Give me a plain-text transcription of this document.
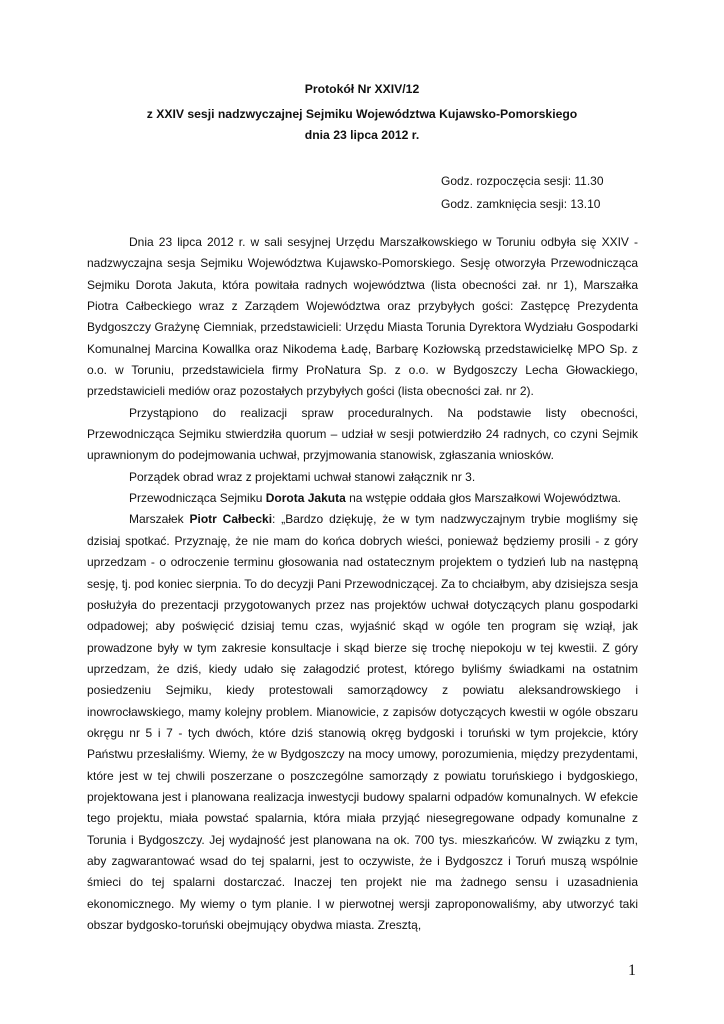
Protokół Nr XXIV/12
z XXIV sesji nadzwyczajnej Sejmiku Województwa Kujawsko-Pomorskiego
dnia 23 lipca 2012 r.
Godz. rozpoczęcia sesji: 11.30
Godz. zamknięcia sesji: 13.10

Dnia 23 lipca 2012 r. w sali sesyjnej Urzędu Marszałkowskiego w Toruniu odbyła się XXIV - nadzwyczajna sesja Sejmiku Województwa Kujawsko-Pomorskiego. Sesję otworzyła Przewodnicząca Sejmiku Dorota Jakuta, która powitała radnych województwa (lista obecności zał. nr 1), Marszałka Piotra Całbeckiego wraz z Zarządem Województwa oraz przybyłych gości: Zastępcę Prezydenta Bydgoszczy Grażynę Ciemniak, przedstawicieli: Urzędu Miasta Torunia Dyrektora Wydziału Gospodarki Komunalnej Marcina Kowallka oraz Nikodema Ładę, Barbarę Kozłowską przedstawicielkę MPO Sp. z o.o. w Toruniu, przedstawiciela firmy ProNatura Sp. z o.o. w Bydgoszczy Lecha Głowackiego, przedstawicieli mediów oraz pozostałych przybyłych gości (lista obecności zał. nr 2).

Przystąpiono do realizacji spraw proceduralnych. Na podstawie listy obecności, Przewodnicząca Sejmiku stwierdziła quorum – udział w sesji potwierdziło 24 radnych, co czyni Sejmik uprawnionym do podejmowania uchwał, przyjmowania stanowisk, zgłaszania wniosków.

Porządek obrad wraz z projektami uchwał stanowi załącznik nr 3.

Przewodnicząca Sejmiku Dorota Jakuta na wstępie oddała głos Marszałkowi Województwa.

Marszałek Piotr Całbecki: „Bardzo dziękuję, że w tym nadzwyczajnym trybie mogliśmy się dzisiaj spotkać. Przyznaję, że nie mam do końca dobrych wieści, ponieważ będziemy prosili - z góry uprzedzam - o odroczenie terminu głosowania nad ostatecznym projektem o tydzień lub na następną sesję, tj. pod koniec sierpnia. To do decyzji Pani Przewodniczącej. Za to chciałbym, aby dzisiejsza sesja posłużyła do prezentacji przygotowanych przez nas projektów uchwał dotyczących planu gospodarki odpadowej; aby poświęcić dzisiaj temu czas, wyjaśnić skąd w ogóle ten program się wziął, jak prowadzone były w tym zakresie konsultacje i skąd bierze się trochę niepokoju w tej kwestii. Z góry uprzedzam, że dziś, kiedy udało się załagodzić protest, którego byliśmy świadkami na ostatnim posiedzeniu Sejmiku, kiedy protestowali samorządowcy z powiatu aleksandrowskiego i inowrocławskiego, mamy kolejny problem. Mianowicie, z zapisów dotyczących kwestii w ogóle obszaru okręgu nr 5 i 7 - tych dwóch, które dziś stanowią okręg bydgoski i toruński w tym projekcie, który Państwu przesłaliśmy. Wiemy, że w Bydgoszczy na mocy umowy, porozumienia, między prezydentami, które jest w tej chwili poszerzane o poszczególne samorządy z powiatu toruńskiego i bydgoskiego, projektowana jest i planowana realizacja inwestycji budowy spalarni odpadów komunalnych. W efekcie tego projektu, miała powstać spalarnia, która miała przyjąć niesegregowane odpady komunalne z Torunia i Bydgoszczy. Jej wydajność jest planowana na ok. 700 tys. mieszkańców. W związku z tym, aby zagwarantować wsad do tej spalarni, jest to oczywiste, że i Bydgoszcz i Toruń muszą wspólnie śmieci do tej spalarni dostarczać. Inaczej ten projekt nie ma żadnego sensu i uzasadnienia ekonomicznego. My wiemy o tym planie. I w pierwotnej wersji zaproponowaliśmy, aby utworzyć taki obszar bydgosko-toruński obejmujący obydwa miasta. Zresztą,

1
